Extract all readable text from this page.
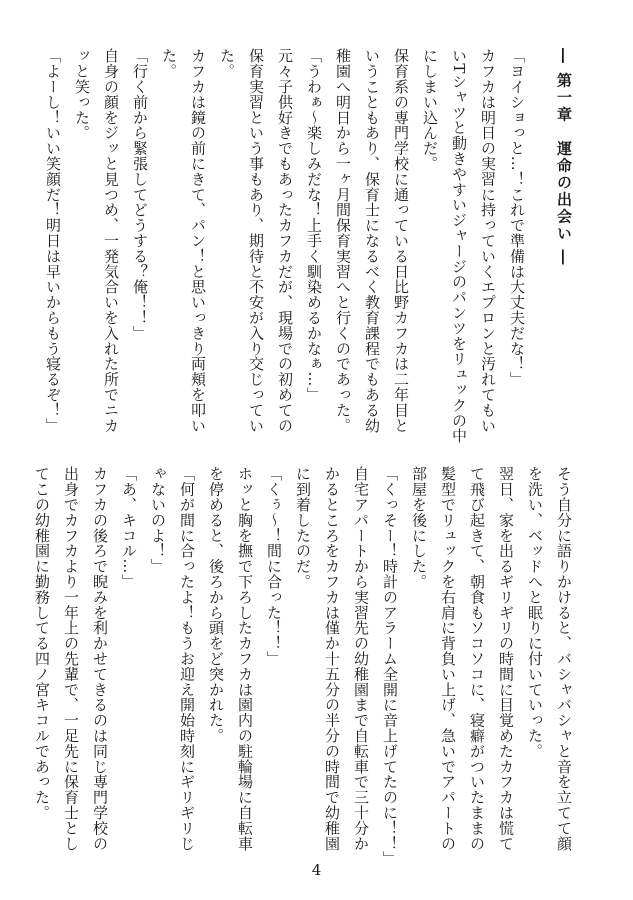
― 第一章　運命の出会い ―
「ヨイショっと…！これで準備は大丈夫だな！」
カフカは明日の実習に持っていくエプロンと汚れてもいいTシャツと動きやすいジャージのパンツをリュックの中にしまい込んだ。
保育系の専門学校に通っている日比野カフカは二年目ということもあり、保育士になるべく教育課程でもある幼稚園へ明日から一ヶ月間保育実習へと行くのであった。
「うわぁ〜楽しみだな！上手く馴染めるかなぁ…」
元々子供好きでもあったカフカだが、現場での初めての保育実習という事もあり、期待と不安が入り交じっていた。
カフカは鏡の前にきて、パン！と思いっきり両頬を叩いた。
「行く前から緊張してどうする？俺！！」
自身の顔をジッと見つめ、一発気合いを入れた所でニカッと笑った。
「よーし！いい笑顔だ！明日は早いからもう寝るぞ！」
そう自分に語りかけると、バシャバシャと音を立てて顔を洗い、ベッドへと眠りに付いていった。
翌日、家を出るギリギリの時間に目覚めたカフカは慌てて飛び起きて、朝食もソコソコに、寝癖がついたままの髪型でリュックを右肩に背負い上げ、急いでアパートの部屋を後にした。
「くっそー！時計のアラーム全開に音上げてたのに！！」
自宅アパートから実習先の幼稚園まで自転車で三十分かかるところをカフカは僅か十五分の半分の時間で幼稚園に到着したのだ。
「くぅ〜！間に合った！！」
ホッと胸を撫で下ろしたカフカは園内の駐輪場に自転車を停めると、後ろから頭をど突かれた。
「何が間に合ったよ！もうお迎え開始時刻にギリギリじゃないのよ！」
「あ、キコル…」
カフカの後ろで睨みを利かせてきるのは同じ専門学校の出身でカフカより一年上の先輩で、一足先に保育士としてこの幼稚園に勤務してる四ノ宮キコルであった。
4
